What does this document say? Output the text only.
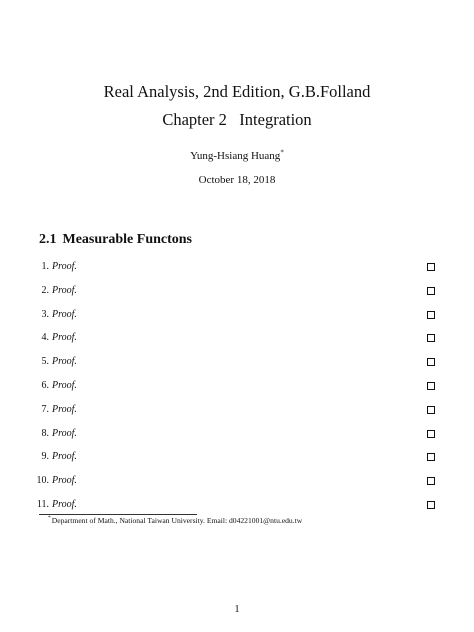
Real Analysis, 2nd Edition, G.B.Folland
Chapter 2   Integration
Yung-Hsiang Huang*
October 18, 2018
2.1 Measurable Functons
1. Proof.
2. Proof.
3. Proof.
4. Proof.
5. Proof.
6. Proof.
7. Proof.
8. Proof.
9. Proof.
10. Proof.
11. Proof.
*Department of Math., National Taiwan University. Email: d04221001@ntu.edu.tw
1
